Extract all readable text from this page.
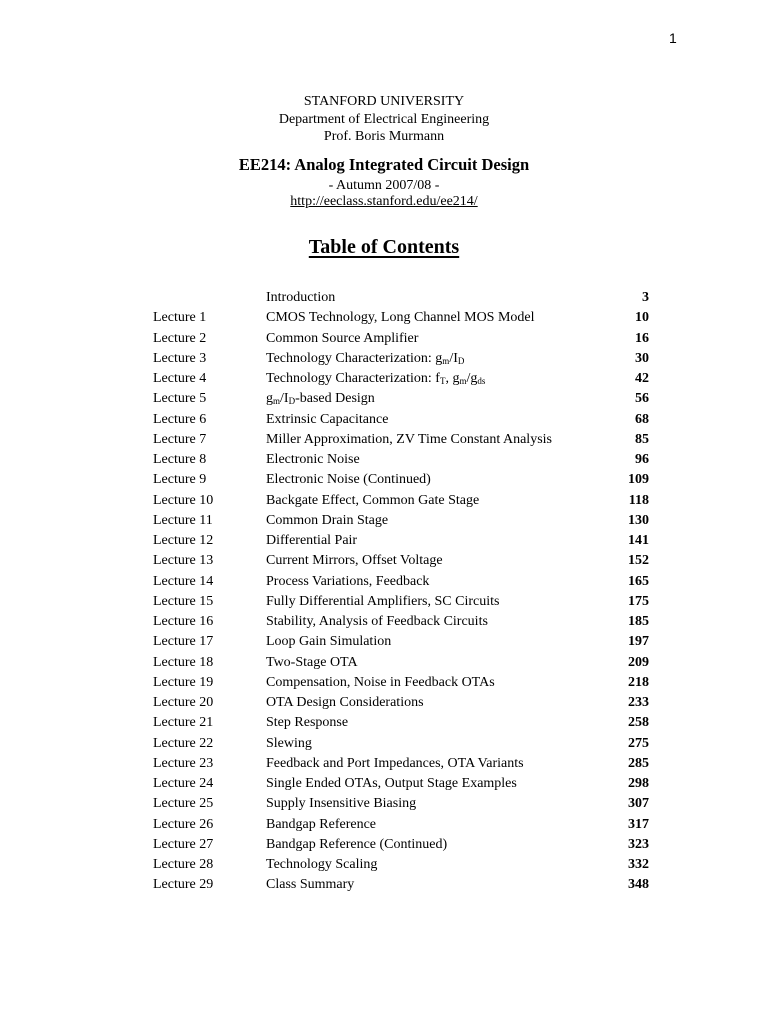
1
STANFORD UNIVERSITY
Department of Electrical Engineering
Prof. Boris Murmann
EE214: Analog Integrated Circuit Design
- Autumn 2007/08 -
http://eeclass.stanford.edu/ee214/
Table of Contents
Introduction	3
Lecture 1	CMOS Technology, Long Channel MOS Model	10
Lecture 2	Common Source Amplifier	16
Lecture 3	Technology Characterization: $g_m/I_D$	30
Lecture 4	Technology Characterization: $f_T$, $g_m/g_{ds}$	42
Lecture 5	$g_m/I_D$-based Design	56
Lecture 6	Extrinsic Capacitance	68
Lecture 7	Miller Approximation, ZV Time Constant Analysis	85
Lecture 8	Electronic Noise	96
Lecture 9	Electronic Noise (Continued)	109
Lecture 10	Backgate Effect, Common Gate Stage	118
Lecture 11	Common Drain Stage	130
Lecture 12	Differential Pair	141
Lecture 13	Current Mirrors, Offset Voltage	152
Lecture 14	Process Variations, Feedback	165
Lecture 15	Fully Differential Amplifiers, SC Circuits	175
Lecture 16	Stability, Analysis of Feedback Circuits	185
Lecture 17	Loop Gain Simulation	197
Lecture 18	Two-Stage OTA	209
Lecture 19	Compensation, Noise in Feedback OTAs	218
Lecture 20	OTA Design Considerations	233
Lecture 21	Step Response	258
Lecture 22	Slewing	275
Lecture 23	Feedback and Port Impedances, OTA Variants	285
Lecture 24	Single Ended OTAs, Output Stage Examples	298
Lecture 25	Supply Insensitive Biasing	307
Lecture 26	Bandgap Reference	317
Lecture 27	Bandgap Reference (Continued)	323
Lecture 28	Technology Scaling	332
Lecture 29	Class Summary	348
